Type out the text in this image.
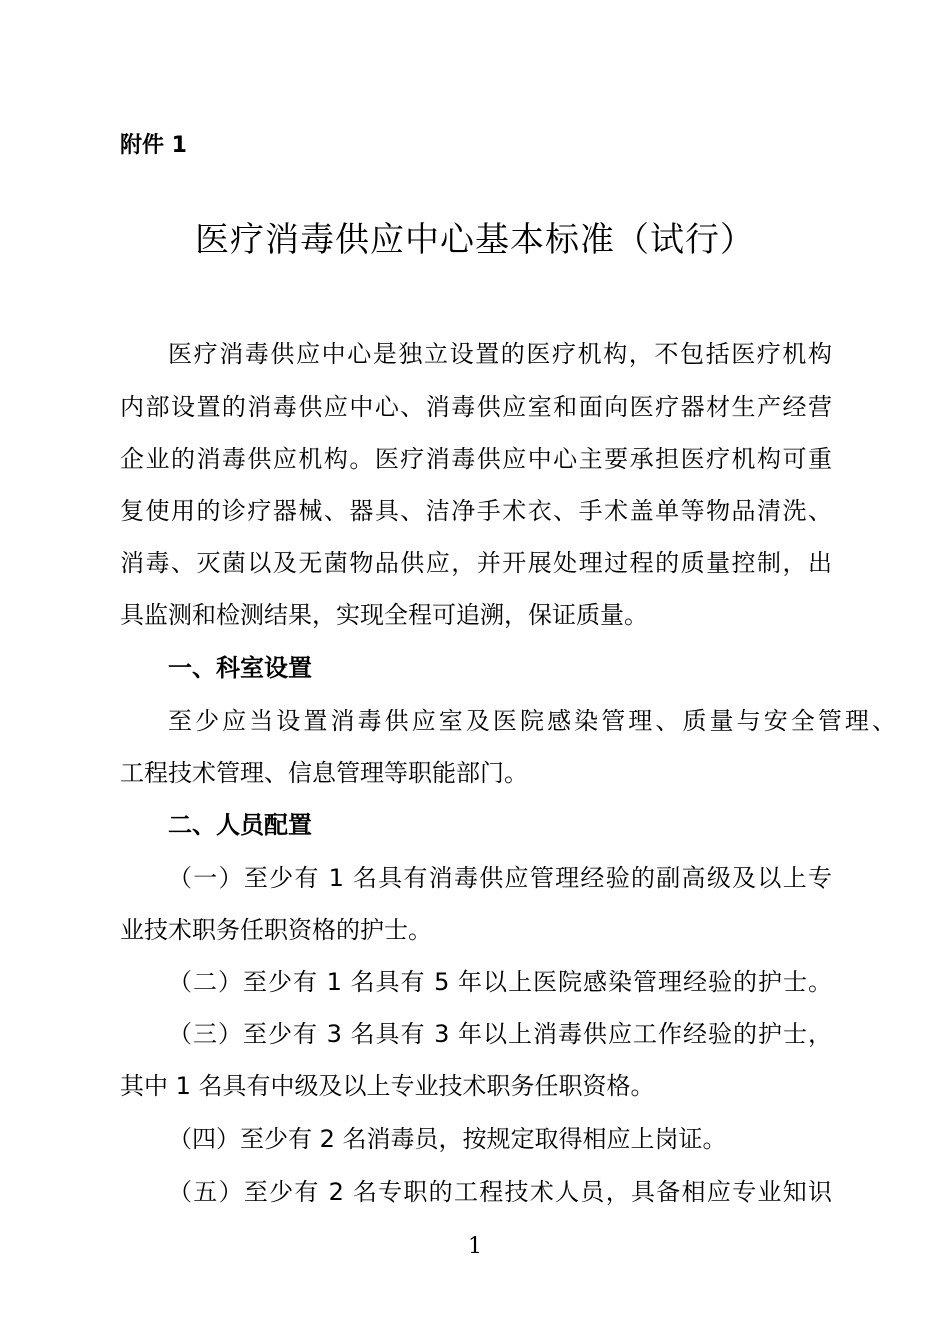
附件 1
医疗消毒供应中心基本标准（试行）
医疗消毒供应中心是独立设置的医疗机构，不包括医疗机构
内部设置的消毒供应中心、消毒供应室和面向医疗器材生产经营
企业的消毒供应机构。医疗消毒供应中心主要承担医疗机构可重
复使用的诊疗器械、器具、洁净手术衣、手术盖单等物品清洗、
消毒、灭菌以及无菌物品供应，并开展处理过程的质量控制，出
具监测和检测结果，实现全程可追溯，保证质量。
一、科室设置
至少应当设置消毒供应室及医院感染管理、质量与安全管理、
工程技术管理、信息管理等职能部门。
二、人员配置
（一）至少有 1 名具有消毒供应管理经验的副高级及以上专
业技术职务任职资格的护士。
（二）至少有 1 名具有 5 年以上医院感染管理经验的护士。
（三）至少有 3 名具有 3 年以上消毒供应工作经验的护士，
其中 1 名具有中级及以上专业技术职务任职资格。
（四）至少有 2 名消毒员，按规定取得相应上岗证。
（五）至少有 2 名专职的工程技术人员，具备相应专业知识
1
